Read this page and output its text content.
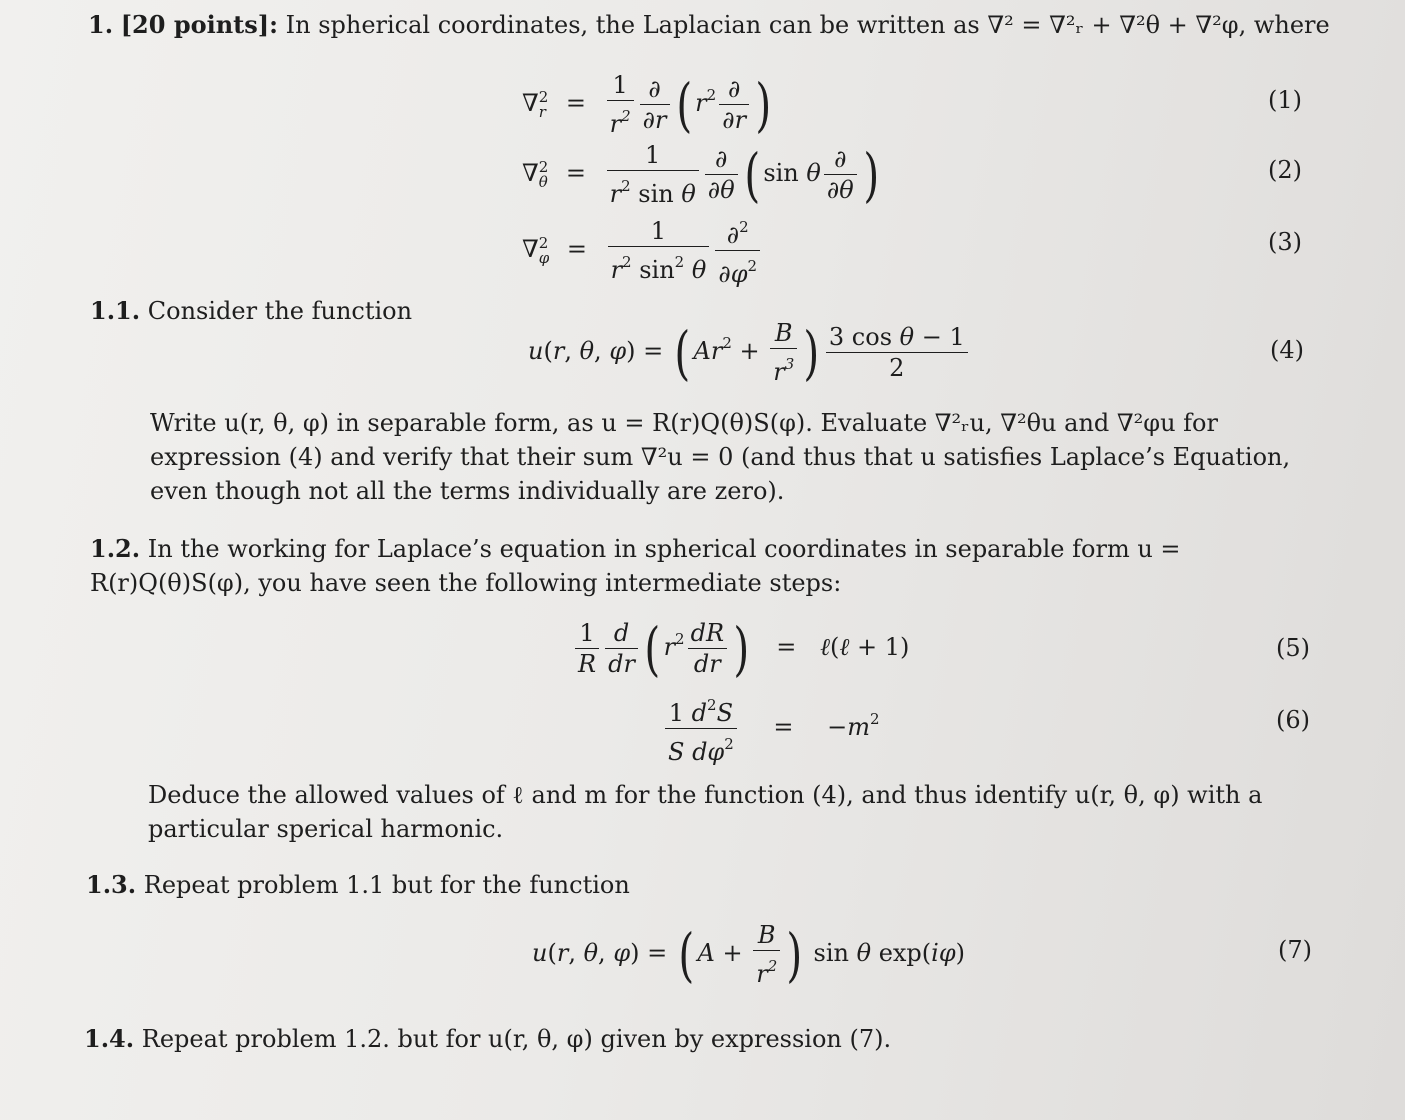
1. [20 points]: In spherical coordinates, the Laplacian can be written as ∇² = ∇²ᵣ + ∇²θ + ∇²φ, where
∇ 2
$r = \frac{1}{r^2} \frac{\partial}{\partial r}$ ( $r^2 \frac{\partial}{\partial r}$ )	(1)
∇ 2
$\theta = \frac{1}{r^2 \sin \theta} \frac{\partial}{\partial\theta}$ ( sin θ $\frac{\partial}{\partial\theta}$ )	(2)
∇ 2
$\varphi = \frac{1}{r^2 \sin^2 \theta} \frac{\partial^2}{\partial\varphi^2}$	(3)
1.1. Consider the function
u(r, θ, φ) = ( $Ar^2 + \frac{B}{r^3}$ ) $\frac{\text{3 cos θ − 1}}{2}$	(4)
Write u(r, θ, φ) in separable form, as u = R(r)Q(θ)S(φ). Evaluate ∇²ᵣu, ∇²θu and ∇²φu for expression (4) and verify that their sum ∇²u = 0 (and thus that u satisfies Laplace’s Equation, even though not all the terms individually are zero).
1.2. In the working for Laplace’s equation in spherical coordinates in separable form u = R(r)Q(θ)S(φ), you have seen the following intermediate steps:
$\frac{1}{R} \frac{d}{dr}$ ( $r^2 \frac{dR}{dr}$ ) = ℓ(ℓ + 1)	(5)
$\frac{1 d^2S}{S d\varphi^2} = -m^2$	(6)
Deduce the allowed values of ℓ and m for the function (4), and thus identify u(r, θ, φ) with a particular sperical harmonic.
1.3. Repeat problem 1.1 but for the function
u(r, θ, φ) = ( $A + \frac{B}{r^2}$ ) sin θ exp(iφ)	(7)
1.4. Repeat problem 1.2. but for u(r, θ, φ) given by expression (7).
